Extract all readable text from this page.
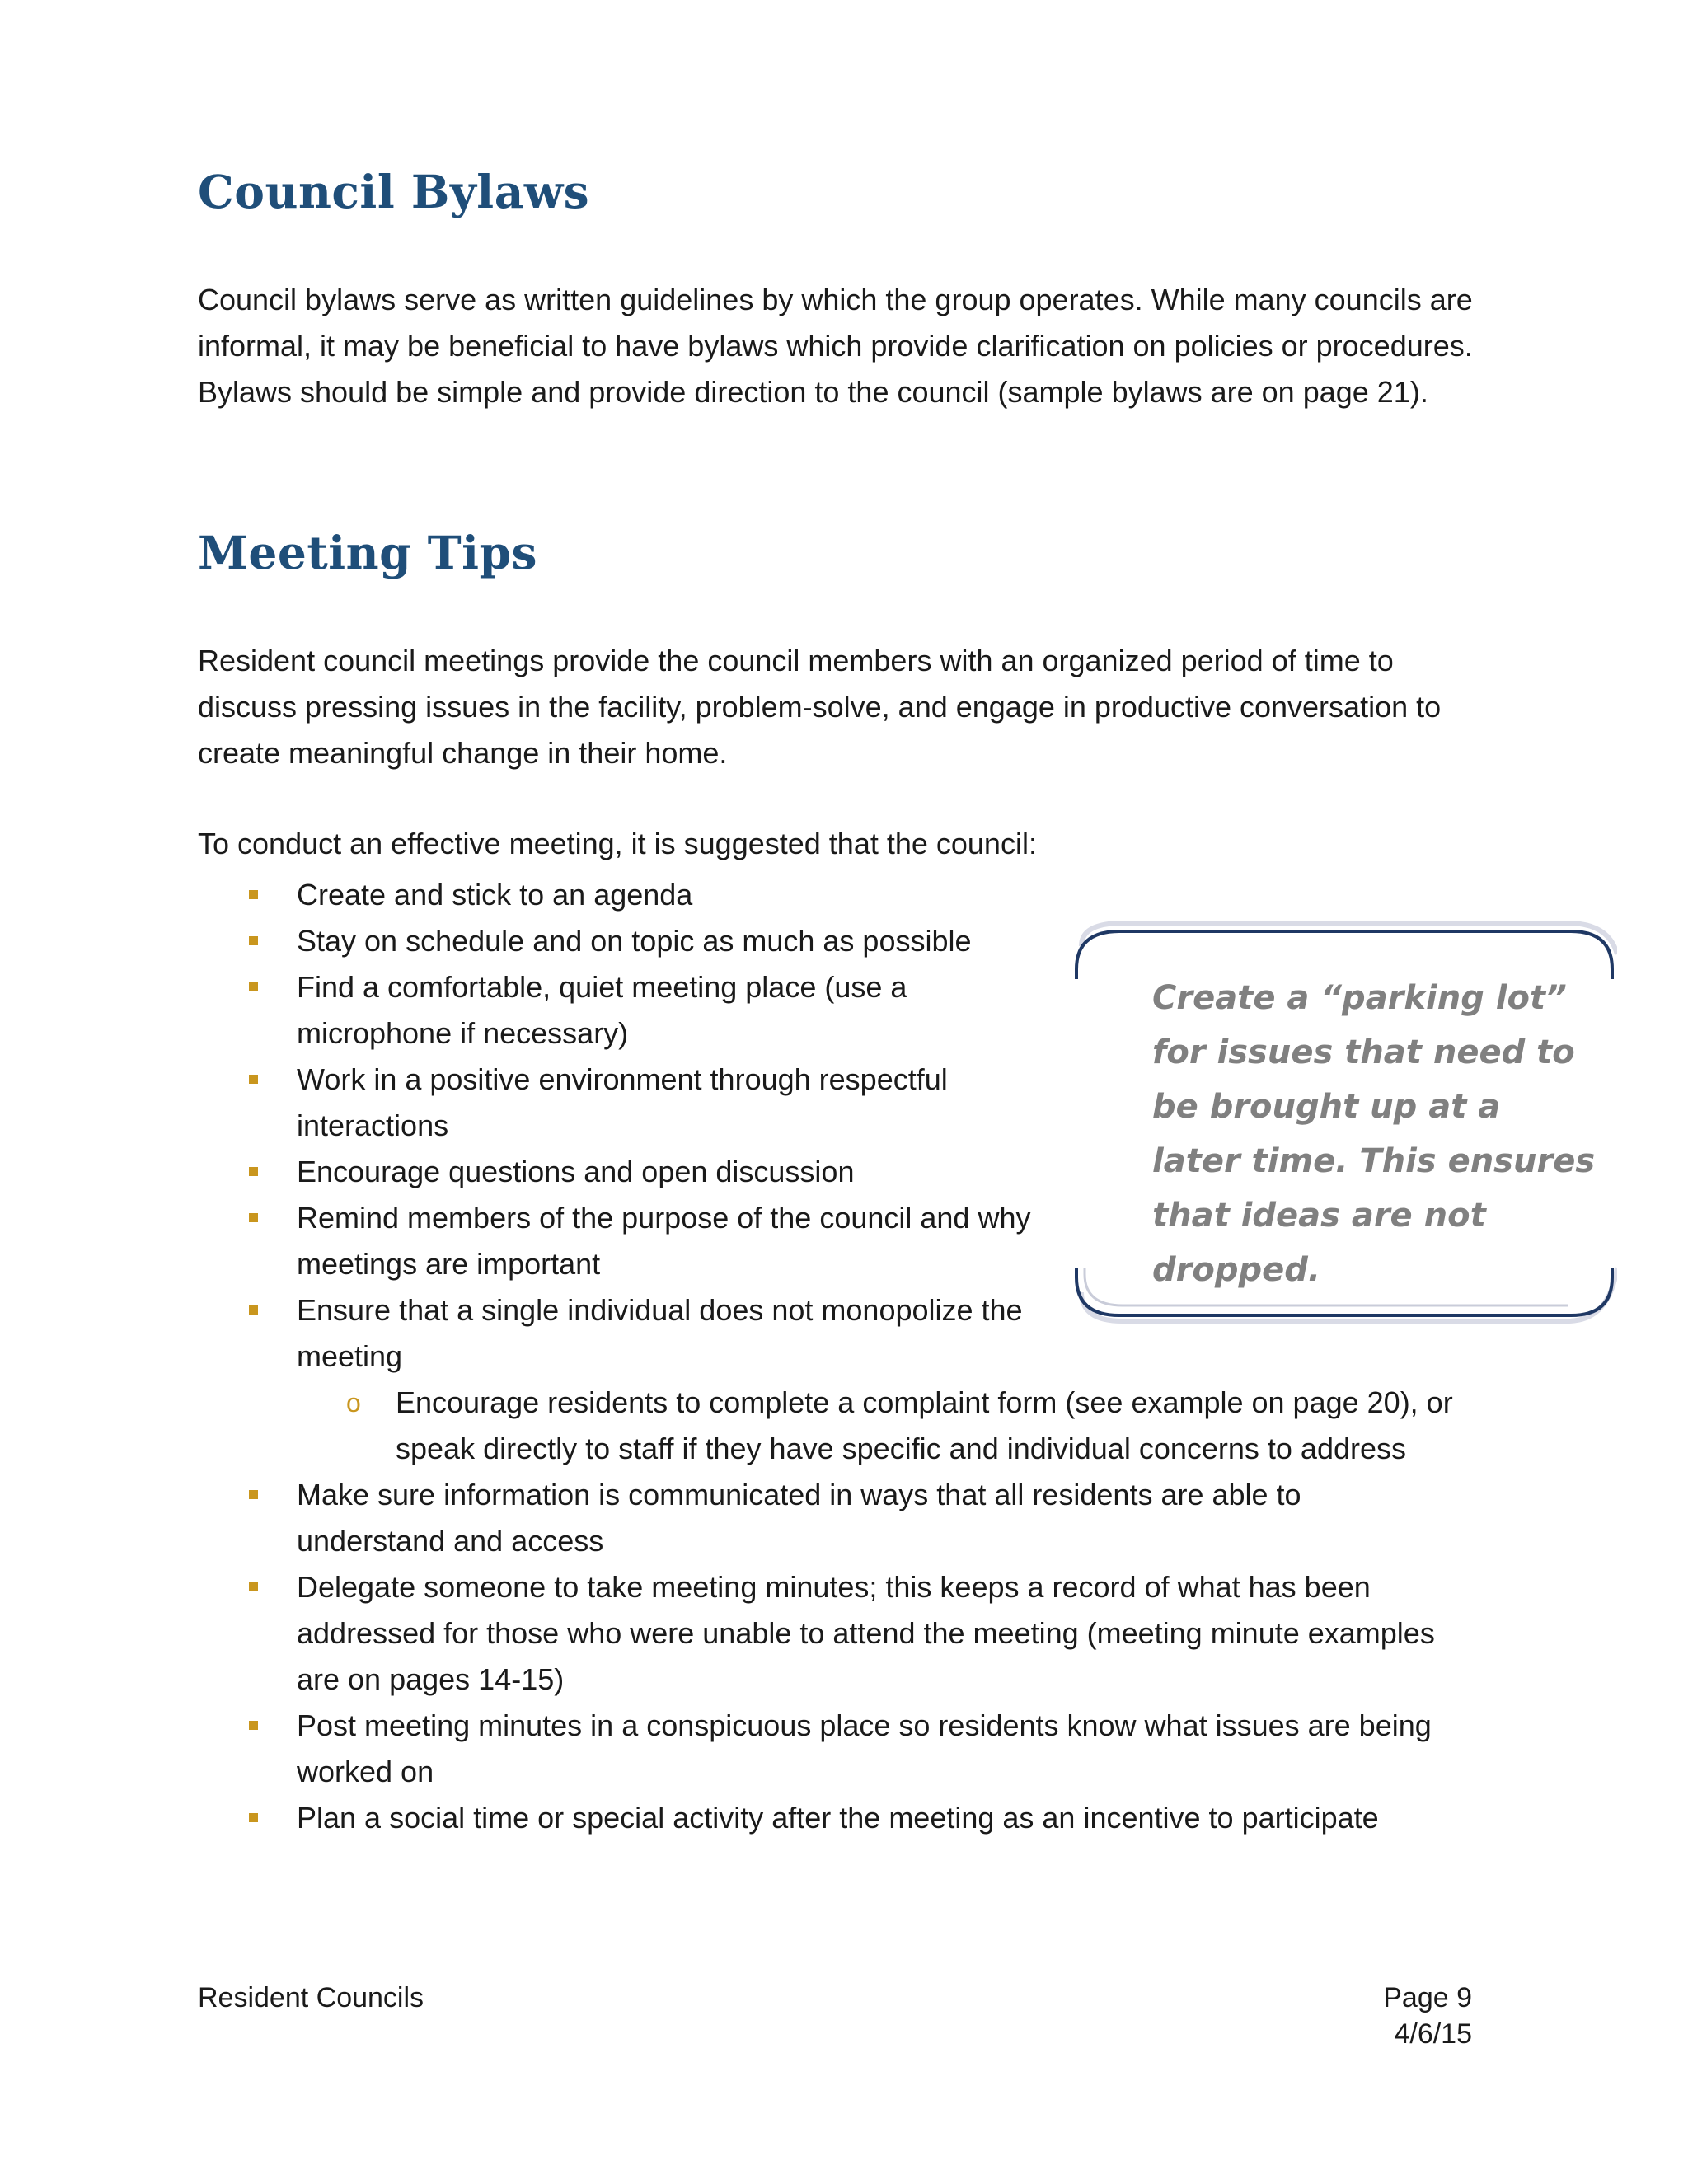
Council Bylaws

Council bylaws serve as written guidelines by which the group operates. While many councils are informal, it may be beneficial to have bylaws which provide clarification on policies or procedures. Bylaws should be simple and provide direction to the council (sample bylaws are on page 21).

Meeting Tips

Resident council meetings provide the council members with an organized period of time to discuss pressing issues in the facility, problem-solve, and engage in productive conversation to create meaningful change in their home.

To conduct an effective meeting, it is suggested that the council:

Create and stick to an agenda
Stay on schedule and on topic as much as possible
Find a comfortable, quiet meeting place (use a microphone if necessary)
Work in a positive environment through respectful interactions
Encourage questions and open discussion
Remind members of the purpose of the council and why meetings are important
Ensure that a single individual does not monopolize the meeting
o Encourage residents to complete a complaint form (see example on page 20), or speak directly to staff if they have specific and individual concerns to address
Make sure information is communicated in ways that all residents are able to understand and access
Delegate someone to take meeting minutes; this keeps a record of what has been addressed for those who were unable to attend the meeting (meeting minute examples are on pages 14-15)
Post meeting minutes in a conspicuous place so residents know what issues are being worked on
Plan a social time or special activity after the meeting as an incentive to participate

Create a “parking lot” for issues that need to be brought up at a later time. This ensures that ideas are not dropped.

Resident Councils	Page 9
4/6/15
